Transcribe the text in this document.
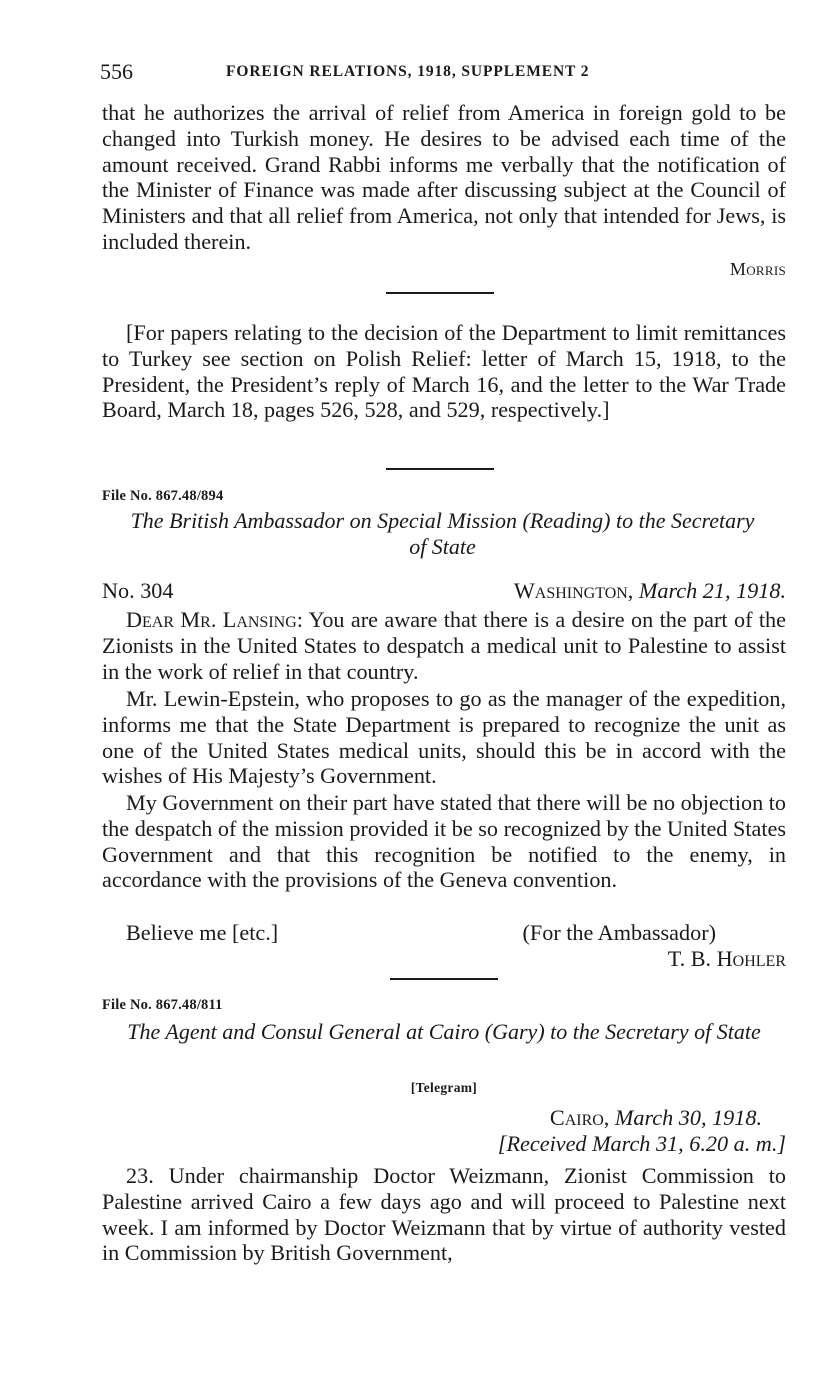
556	FOREIGN RELATIONS, 1918, SUPPLEMENT 2
that he authorizes the arrival of relief from America in foreign gold to be changed into Turkish money. He desires to be advised each time of the amount received. Grand Rabbi informs me verbally that the notification of the Minister of Finance was made after discussing subject at the Council of Ministers and that all relief from America, not only that intended for Jews, is included therein.
Morris
[For papers relating to the decision of the Department to limit remittances to Turkey see section on Polish Relief: letter of March 15, 1918, to the President, the President’s reply of March 16, and the letter to the War Trade Board, March 18, pages 526, 528, and 529, respectively.]
File No. 867.48/894
The British Ambassador on Special Mission (Reading) to the Secretary of State
No. 304	Washington, March 21, 1918.
Dear Mr. Lansing: You are aware that there is a desire on the part of the Zionists in the United States to despatch a medical unit to Palestine to assist in the work of relief in that country.
Mr. Lewin-Epstein, who proposes to go as the manager of the expedition, informs me that the State Department is prepared to recognize the unit as one of the United States medical units, should this be in accord with the wishes of His Majesty’s Government.
My Government on their part have stated that there will be no objection to the despatch of the mission provided it be so recognized by the United States Government and that this recognition be notified to the enemy, in accordance with the provisions of the Geneva convention.
Believe me [etc.]	(For the Ambassador)
T. B. Hohler
File No. 867.48/811
The Agent and Consul General at Cairo (Gary) to the Secretary of State
[Telegram]
Cairo, March 30, 1918.
[Received March 31, 6.20 a. m.]
23. Under chairmanship Doctor Weizmann, Zionist Commission to Palestine arrived Cairo a few days ago and will proceed to Palestine next week. I am informed by Doctor Weizmann that by virtue of authority vested in Commission by British Government,
